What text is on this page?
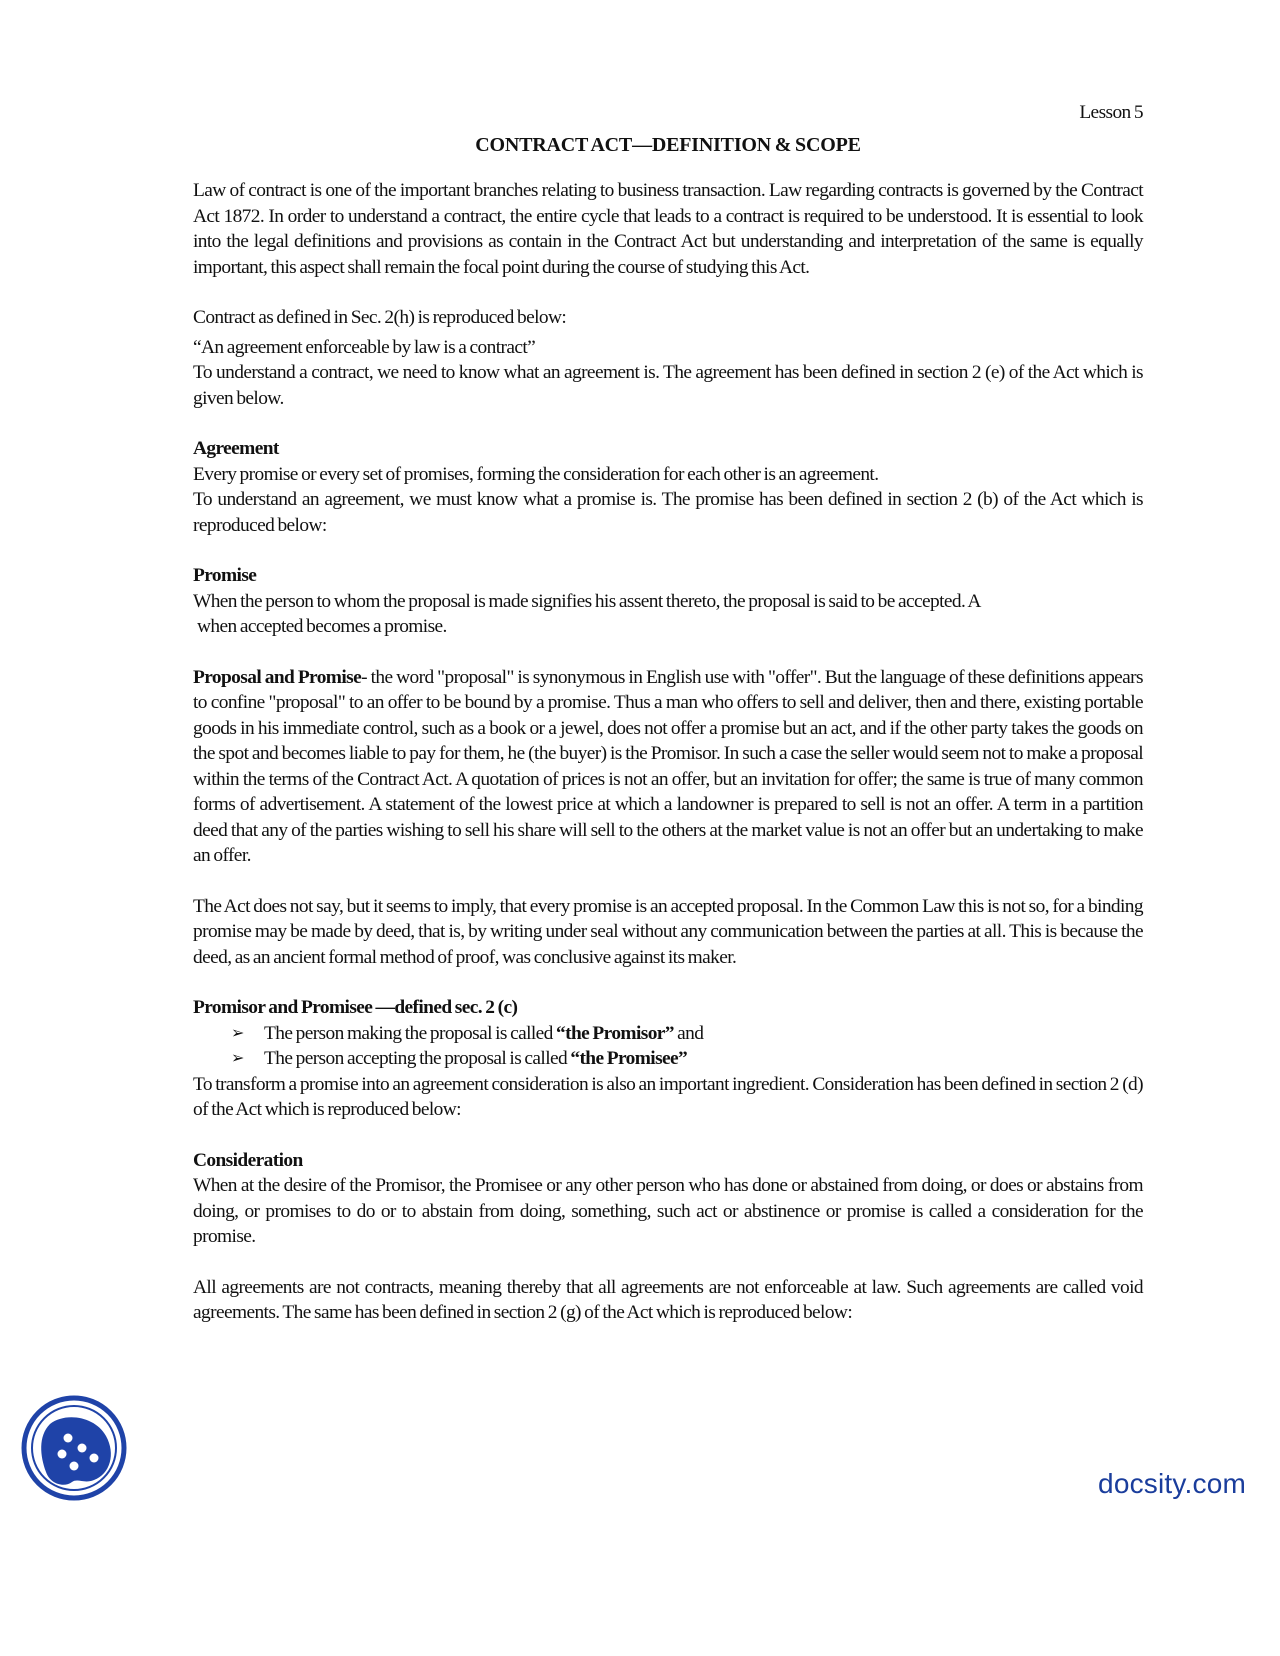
Lesson 5
CONTRACT ACT—DEFINITION & SCOPE

Law of contract is one of the important branches relating to business transaction. Law regarding contracts is governed by the Contract Act 1872. In order to understand a contract, the entire cycle that leads to a contract is required to be understood. It is essential to look into the legal definitions and provisions as contain in the Contract Act but understanding and interpretation of the same is equally important, this aspect shall remain the focal point during the course of studying this Act.

Contract as defined in Sec. 2(h) is reproduced below:

“An agreement enforceable by law is a contract”

To understand a contract, we need to know what an agreement is. The agreement has been defined in section 2 (e) of the Act which is given below.

Agreement

Every promise or every set of promises, forming the consideration for each other is an agreement.

To understand an agreement, we must know what a promise is. The promise has been defined in section 2 (b) of the Act which is reproduced below:

Promise

When the person to whom the proposal is made signifies his assent thereto, the proposal is said to be accepted. A

when accepted becomes a promise.

Proposal and Promise- the word "proposal" is synonymous in English use with "offer". But the language of these definitions appears to confine "proposal" to an offer to be bound by a promise. Thus a man who offers to sell and deliver, then and there, existing portable goods in his immediate control, such as a book or a jewel, does not offer a promise but an act, and if the other party takes the goods on the spot and becomes liable to pay for them, he (the buyer) is the Promisor. In such a case the seller would seem not to make a proposal within the terms of the Contract Act. A quotation of prices is not an offer, but an invitation for offer; the same is true of many common forms of advertisement. A statement of the lowest price at which a landowner is prepared to sell is not an offer. A term in a partition deed that any of the parties wishing to sell his share will sell to the others at the market value is not an offer but an undertaking to make an offer.

The Act does not say, but it seems to imply, that every promise is an accepted proposal. In the Common Law this is not so, for a binding promise may be made by deed, that is, by writing under seal without any communication between the parties at all. This is because the deed, as an ancient formal method of proof, was conclusive against its maker.

Promisor and Promisee —defined sec. 2 (c)

➢ The person making the proposal is called “the Promisor” and
➢ The person accepting the proposal is called “the Promisee”

To transform a promise into an agreement consideration is also an important ingredient. Consideration has been defined in section 2 (d) of the Act which is reproduced below:

Consideration

When at the desire of the Promisor, the Promisee or any other person who has done or abstained from doing, or does or abstains from doing, or promises to do or to abstain from doing, something, such act or abstinence or promise is called a consideration for the promise.

All agreements are not contracts, meaning thereby that all agreements are not enforceable at law. Such agreements are called void agreements. The same has been defined in section 2 (g) of the Act which is reproduced below:

docsity.com
